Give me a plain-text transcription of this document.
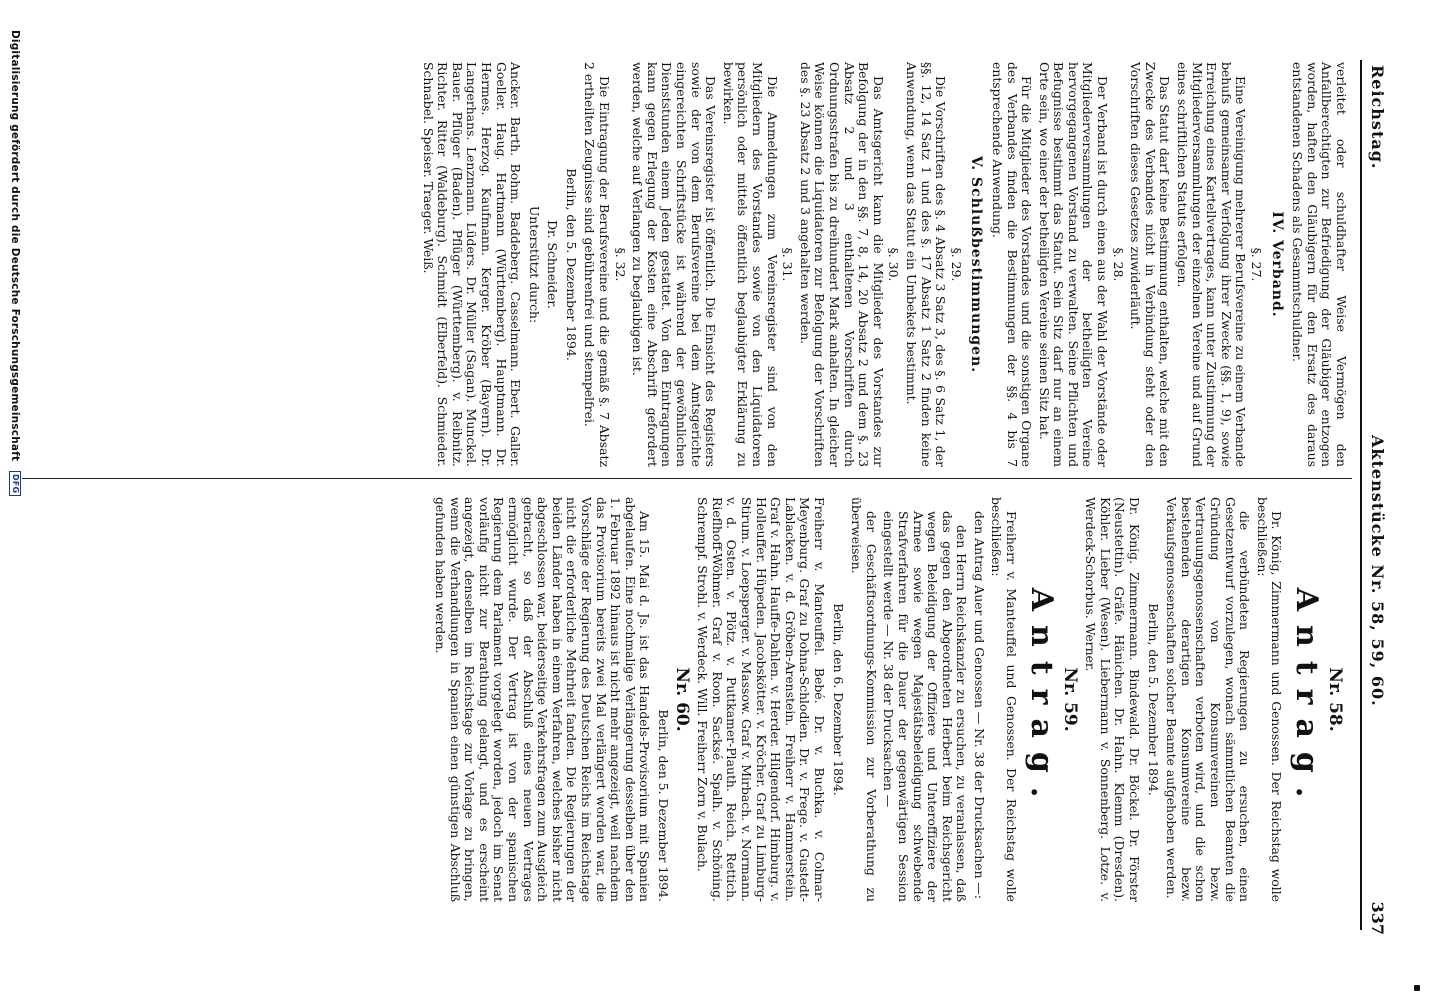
Reichstag.
Aktenstücke Nr. 58, 59, 60.
337

verleitet oder schuldhafter Weise Vermögen den Anfallberechtigten zur Befriedigung der Gläubiger entzogen worden, haften den Gläubigern für den Ersatz des daraus entstandenen Schadens als Gesammtschuldner.

IV. Verband.
§. 27.

Eine Vereinigung mehrerer Berufsvereine zu einem Verbande behufs gemeinsamer Verfolgung ihrer Zwecke (§§. 1, 9), sowie Erreichung eines Kartellvertrages, kann unter Zustimmung der Mitgliederversammlungen der einzelnen Vereine und auf Grund eines schriftlichen Statuts erfolgen.

Das Statut darf keine Bestimmung enthalten, welche mit den Zwecke des Verbandes nicht in Verbindung steht oder den Vorschriften dieses Gesetzes zuwiderläuft.

§. 28.

Der Verband ist durch einen aus der Wahl der Vorstände oder Mitgliederversammlungen der betheiligten Vereine hervorgegangenen Vorstand zu verwalten. Seine Pflichten und Befugnisse bestimmt das Statut. Sein Sitz darf nur an einem Orte sein, wo einer der betheiligten Vereine seinen Sitz hat.

Für die Mitglieder des Vorstandes und die sonstigen Organe des Verbandes finden die Bestimmungen der §§. 4 bis 7 entsprechende Anwendung.

V. Schlußbestimmungen.
§. 29.

Die Vorschriften des §. 4 Absatz 3 Satz 3, des §. 6 Satz 1, der §§. 12, 14 Satz 1 und des §. 17 Absatz 1 Satz 2 finden keine Anwendung, wenn das Statut ein Umbekets bestimmt.

§. 30.

Das Amtsgericht kann die Mitglieder des Vorstandes zur Befolgung der in den §§. 7, 8, 14, 20 Absatz 2 und dem §. 23 Absatz 2 und 3 enthaltenen Vorschriften durch Ordnungsstrafen bis zu dreihundert Mark anhalten. In gleicher Weise können die Liquidatoren zur Befolgung der Vorschriften des §. 23 Absatz 2 und 3 angehalten werden.

§. 31.

Die Anmeldungen zum Vereinsregister sind von den Mitgliedern des Vorstandes sowie von den Liquidatoren persönlich oder mittels öffentlich beglaubigter Erklärung zu bewirken.

Das Vereinsregister ist öffentlich. Die Einsicht des Registers sowie der von dem Berufsvereine bei dem Amtsgerichte eingereichten Schriftstücke ist während der gewöhnlichen Dienststunden einem Jeden gestattet. Von den Eintragungen kann gegen Erlegung der Kosten eine Abschrift gefordert werden, welche auf Verlangen zu beglaubigen ist.

§. 32.

Die Eintragung der Berufsvereine und die gemäß §. 7 Absatz 2 ertheilten Zeugnisse sind gebührenfrei und stempelfrei.

Berlin, den 5. Dezember 1894.
Dr. Schneider.
Unterstützt durch:

Ancker. Barth. Bohm. Baddeberg. Casselmann. Ebert. Galler. Goeller. Haug. Hartmann (Württemberg). Hauptmann. Dr. Hermes. Herzog. Kaufmann. Kerger. Kröber (Bayern). Dr. Langerhans. Lenzmann. Lüders. Dr. Müller (Sagan). Munckel. Bauer. Pflüger (Baden). Pflüger (Württemberg). v. Reibnitz. Richter. Ritter (Waldeburg). Schmidt (Elberfeld). Schmieder. Schnabel. Speiser. Traeger. Weiß.

Nr. 58.
Antrag.

Dr. König, Zimmermann und Genossen. Der Reichstag wolle beschließen:

die verbündeten Regierungen zu ersuchen, einen Gesetzentwurf vorzulegen, wonach sämmtlichen Beamten die Gründung von Konsumvereinen bezw. Vertrauungsgenossenschaften verboten wird, und die schon bestehenden derartigen Konsumvereine bezw. Verkaufsgenossenschaften solcher Beamte aufgehoben werden.

Berlin, den 5. Dezember 1894.

Dr. König. Zimmermann. Bindewald. Dr. Böckel. Dr. Förster (Neustettin). Gräfe. Hänichen. Dr. Hahn. Klemm (Dresden). Köhler. Lieber (Wesen). Liebermann v. Sonnenberg. Lotze. v. Werdeck-Schorbus. Werner.

Nr. 59.
Antrag.

Freiherr v. Manteuffel und Genossen. Der Reichstag wolle beschließen:

den Antrag Auer und Genossen — Nr. 38 der Drucksachen —:

den Herrn Reichskanzler zu ersuchen, zu veranlassen, daß das gegen den Abgeordneten Herbert beim Reichsgericht wegen Beleidigung der Offiziere und Unteroffiziere der Armee sowie wegen Majestätsbeleidigung schwebende Strafverfahren für die Dauer der gegenwärtigen Session eingestellt werde — Nr. 38 der Drucksachen —

der Geschäftsordnungs-Kommission zur Vorberathung zu überweisen.

Berlin, den 6. Dezember 1894.

Freiherr v. Manteuffel. Bebé. Dr. v. Buchka. v. Colmar-Meyenburg. Graf zu Dohna-Schlodien. Dr. v. Frege. v. Gustedt-Lablacken. v. d. Gröben-Arenstein. Freiherr v. Hammerstein. Graf v. Hahn. Hauffe-Dahlen. v. Herder. Hilgendorf. Himburg. v. Holleuffer. Hüpeden. Jacobskötter. v. Kröcher. Graf zu Limburg-Stirum. v. Loepsperger. v. Massow. Graf v. Mirbach. v. Normann. v. d. Osten. v. Plötz. v. Puttkamer-Plauth. Reich. Rettich. Rieflhoff-Wöhmer. Graf v. Roon. Sacksé. Spalh. v. Schöning. Schrempf. Strohl. v. Werdeck. Will. Freiherr Zorn v. Bulach.

Nr. 60.
Berlin, den 5. Dezember 1894.

Am 15. Mai d. Js. ist das Handels-Provisorium mit Spanien abgelaufen. Eine nochmalige Verlängerung desselben über den 1. Februar 1892 hinaus ist nicht mehr angezeigt, weil nachdem das Provisorium bereits zwei Mal verlängert worden war, die Vorschläge der Regierung des Deutschen Reichs im Reichstage nicht die erforderliche Mehrheit fanden. Die Regierungen der beiden Länder haben in einem Verfahren, welches bisher nicht abgeschlossen war, beiderseitige Verkehrsfragen zum Ausgleich gebracht, so daß der Abschluß eines neuen Vertrages ermöglicht wurde. Der Vertrag ist von der spanischen Regierung dem Parlament vorgelegt worden, jedoch im Senat vorläufig nicht zur Berathung gelangt, und es erscheint angezeigt, denselben im Reichstage zur Vorlage zu bringen, wenn die Verhandlungen in Spanien einen günstigen Abschluß gefunden haben werden.

Digitalisierung gefördert durch die Deutsche Forschungsgemeinschaft DFG
